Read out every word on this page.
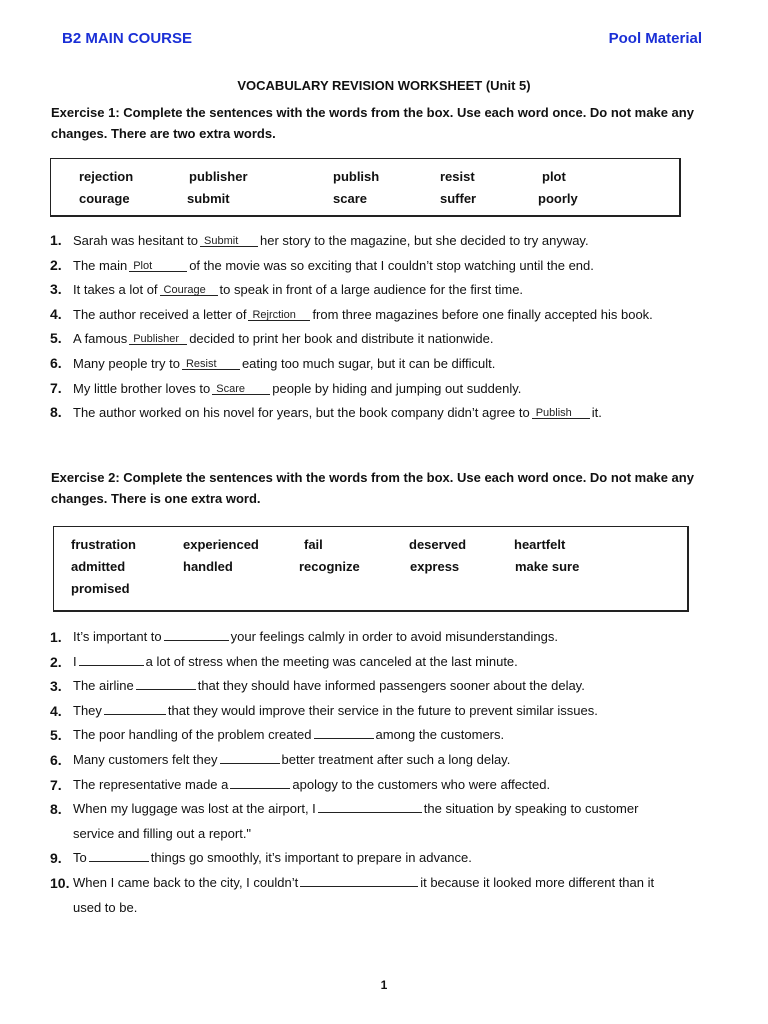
B2 MAIN COURSE	Pool Material
VOCABULARY REVISION WORKSHEET (Unit 5)
Exercise 1: Complete the sentences with the words from the box. Use each word once. Do not make any changes. There are two extra words.
rejection	publisher	publish	resist	plot
courage	submit	scare	suffer	poorly
1. Sarah was hesitant to Submit her story to the magazine, but she decided to try anyway.
2. The main Plot	of the movie was so exciting that I couldn’t stop watching until the end.
3. It takes a lot of Courage to speak in front of a large audience for the first time.
4. The author received a letter of Rejrction from three magazines before one finally accepted his book.
5. A famous Publisher decided to print her book and distribute it nationwide.
6. Many people try to Resist eating too much sugar, but it can be difficult.
7. My little brother loves to Scare people by hiding and jumping out suddenly.
8. The author worked on his novel for years, but the book company didn’t agree to Publish it.
Exercise 2: Complete the sentences with the words from the box. Use each word once. Do not make any changes. There is one extra word.
frustration	experienced	fail	deserved	heartfelt
admitted	handled	recognize	express	make sure
promised
1. It’s important to	your feelings calmly in order to avoid misunderstandings.
2. I	a lot of stress when the meeting was canceled at the last minute.
3. The airline	that they should have informed passengers sooner about the delay.
4. They	that they would improve their service in the future to prevent similar issues.
5. The poor handling of the problem created	among the customers.
6. Many customers felt they	better treatment after such a long delay.
7. The representative made a	apology to the customers who were affected.
8. When my luggage was lost at the airport, I	the situation by speaking to customer
service and filling out a report."
9. To	things go smoothly, it’s important to prepare in advance.
10. When I came back to the city, I couldn’t	it because it looked more different than it
used to be.
1
